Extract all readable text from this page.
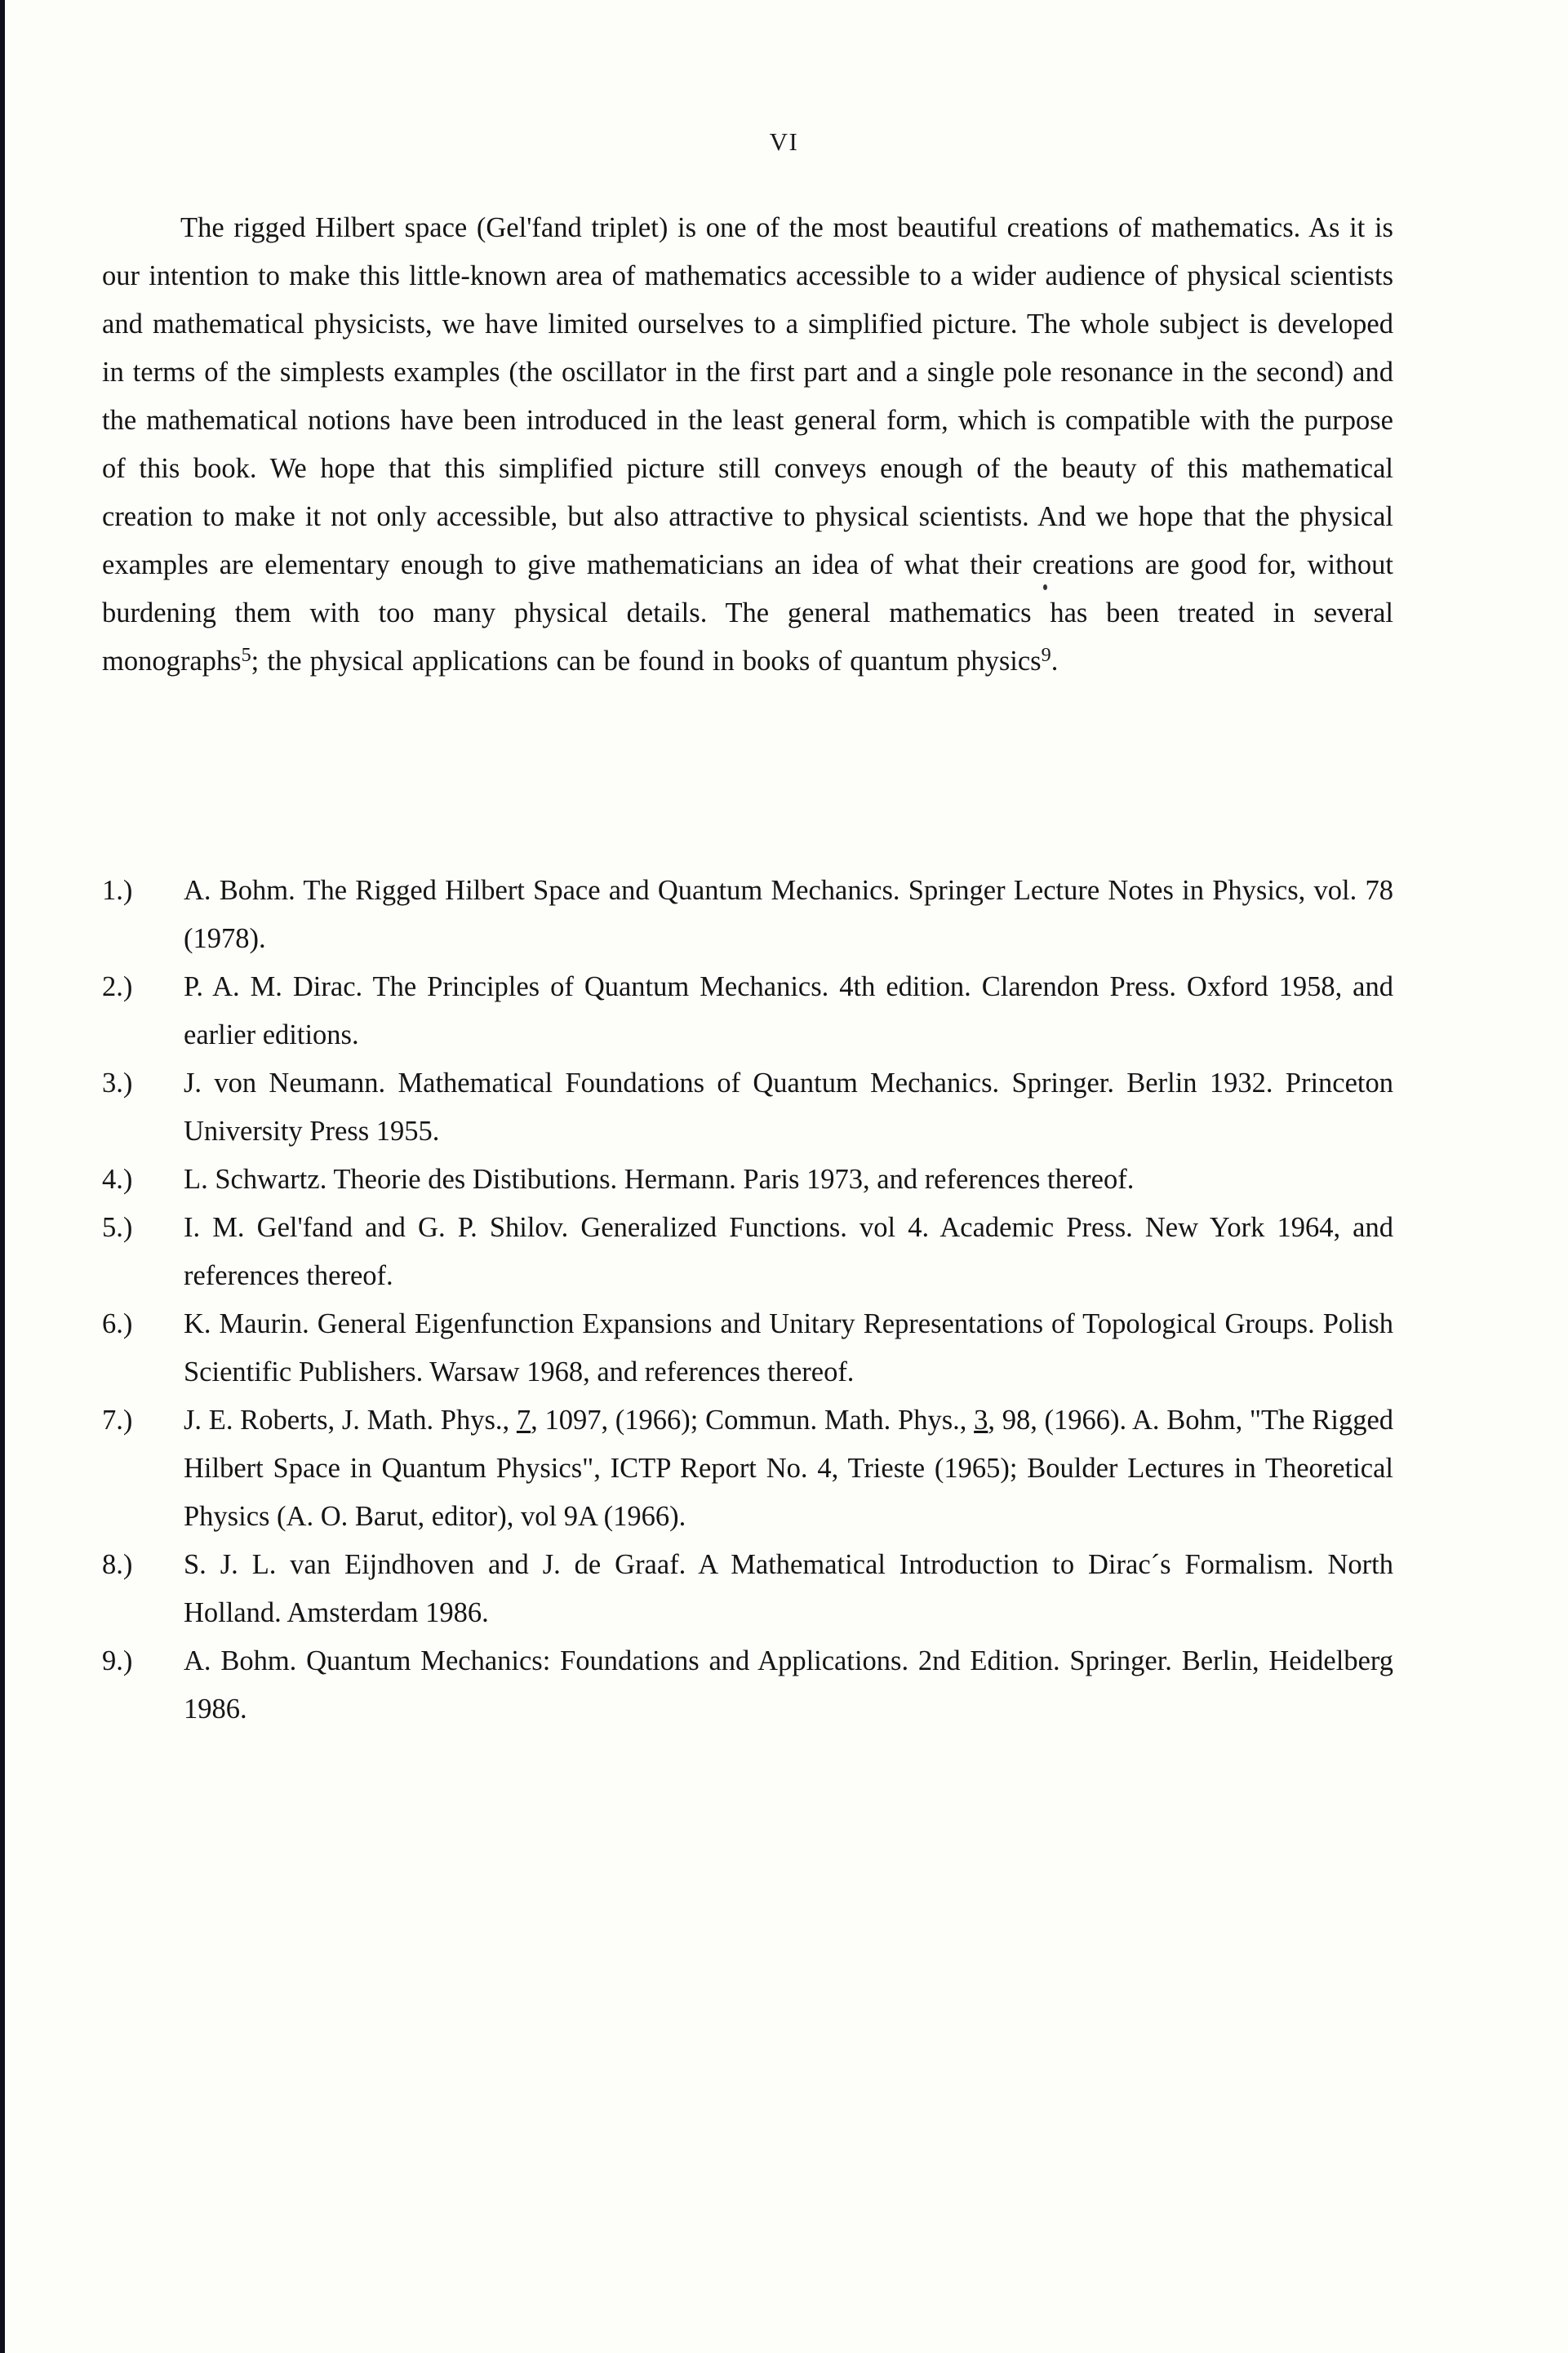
VI

The rigged Hilbert space (Gel'fand triplet) is one of the most beautiful creations of mathematics. As it is our intention to make this little-known area of mathematics accessible to a wider audience of physical scientists and mathematical physicists, we have limited ourselves to a simplified picture. The whole subject is developed in terms of the simplests examples (the oscillator in the first part and a single pole resonance in the second) and the mathematical notions have been introduced in the least general form, which is compatible with the purpose of this book. We hope that this simplified picture still conveys enough of the beauty of this mathematical creation to make it not only accessible, but also attractive to physical scientists. And we hope that the physical examples are elementary enough to give mathematicians an idea of what their creations are good for, without burdening them with too many physical details. The general mathematics has been treated in several monographs$^5$; the physical applications can be found in books of quantum physics$^9$.

1.) A. Bohm. The Rigged Hilbert Space and Quantum Mechanics. Springer Lecture Notes in Physics, vol. 78 (1978).
2.) P. A. M. Dirac. The Principles of Quantum Mechanics. 4th edition. Clarendon Press. Oxford 1958, and earlier editions.
3.) J. von Neumann. Mathematical Foundations of Quantum Mechanics. Springer. Berlin 1932. Princeton University Press 1955.
4.) L. Schwartz. Theorie des Distibutions. Hermann. Paris 1973, and references thereof.
5.) I. M. Gel'fand and G. P. Shilov. Generalized Functions. vol 4. Academic Press. New York 1964, and references thereof.
6.) K. Maurin. General Eigenfunction Expansions and Unitary Representations of Topological Groups. Polish Scientific Publishers. Warsaw 1968, and references thereof.
7.) J. E. Roberts, J. Math. Phys., 7, 1097, (1966); Commun. Math. Phys., 3, 98, (1966). A. Bohm, "The Rigged Hilbert Space in Quantum Physics", ICTP Report No. 4, Trieste (1965); Boulder Lectures in Theoretical Physics (A. O. Barut, editor), vol 9A (1966).
8.) S. J. L. van Eijndhoven and J. de Graaf. A Mathematical Introduction to Dirac´s Formalism. North Holland. Amsterdam 1986.
9.) A. Bohm. Quantum Mechanics: Foundations and Applications. 2nd Edition. Springer. Berlin, Heidelberg 1986.
